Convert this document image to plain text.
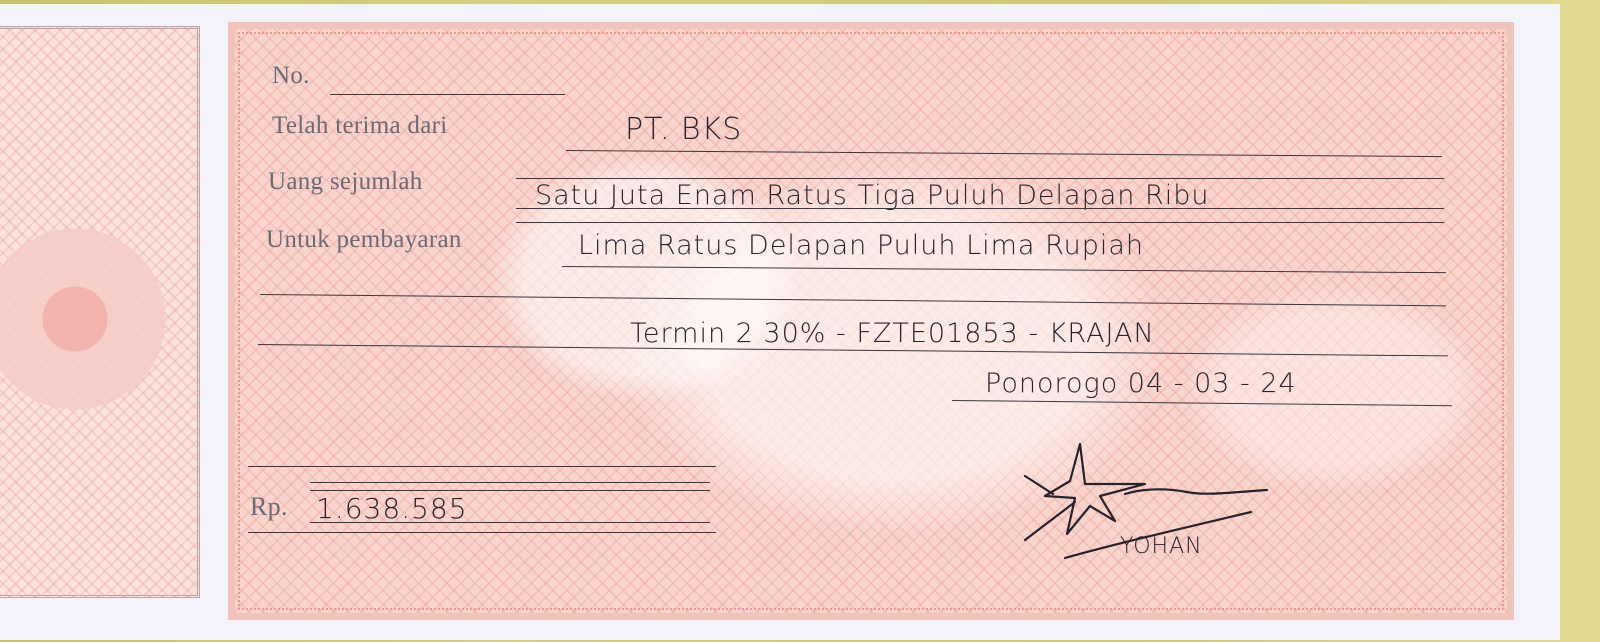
No.
Telah terima dari	PT. BKS
Uang sejumlah	Satu Juta Enam Ratus Tiga Puluh Delapan Ribu
Untuk pembayaran	Lima Ratus Delapan Puluh Lima Rupiah
Termin 2 30% - FZTE01853 - KRAJAN
Ponorogo 04 - 03 - 24
Rp. 1.638.585
YOHAN
